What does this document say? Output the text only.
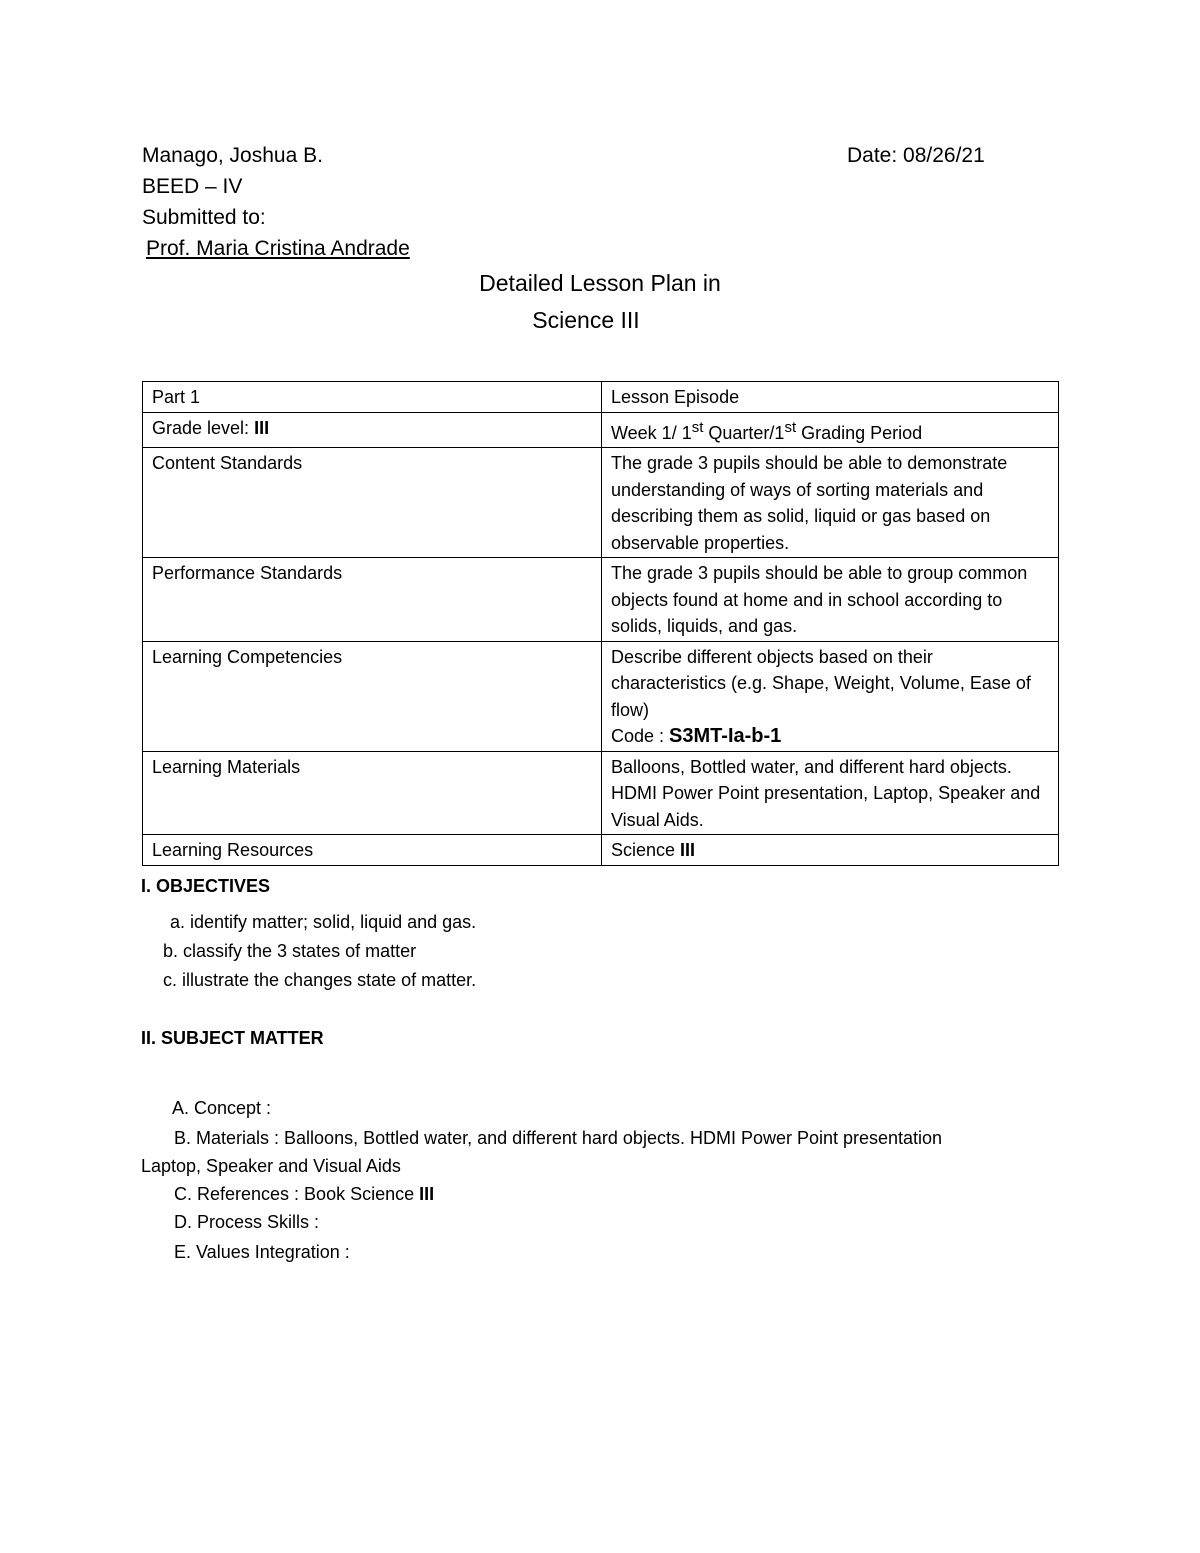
Manago, Joshua B.	Date: 08/26/21
BEED – IV
Submitted to:
Prof. Maria Cristina Andrade
Detailed Lesson Plan in
Science III
Part 1	Lesson Episode
Grade level: III	Week 1/ 1st Quarter/1st Grading Period
Content Standards	The grade 3 pupils should be able to demonstrate understanding of ways of sorting materials and describing them as solid, liquid or gas based on observable properties.
Performance Standards	The grade 3 pupils should be able to group common objects found at home and in school according to solids, liquids, and gas.
Learning Competencies	Describe different objects based on their characteristics (e.g. Shape, Weight, Volume, Ease of flow)
Code : S3MT-Ia-b-1

Learning Materials	Balloons, Bottled water, and different hard objects. HDMI Power Point presentation, Laptop, Speaker and Visual Aids.
Learning Resources	Science III
I. OBJECTIVES
a. identify matter; solid, liquid and gas.
b. classify the 3 states of matter
c. illustrate the changes state of matter.
II. SUBJECT MATTER
A. Concept :
B. Materials : Balloons, Bottled water, and different hard objects. HDMI Power Point presentation
Laptop, Speaker and Visual Aids
C. References : Book Science III
D. Process Skills :
E. Values Integration :
